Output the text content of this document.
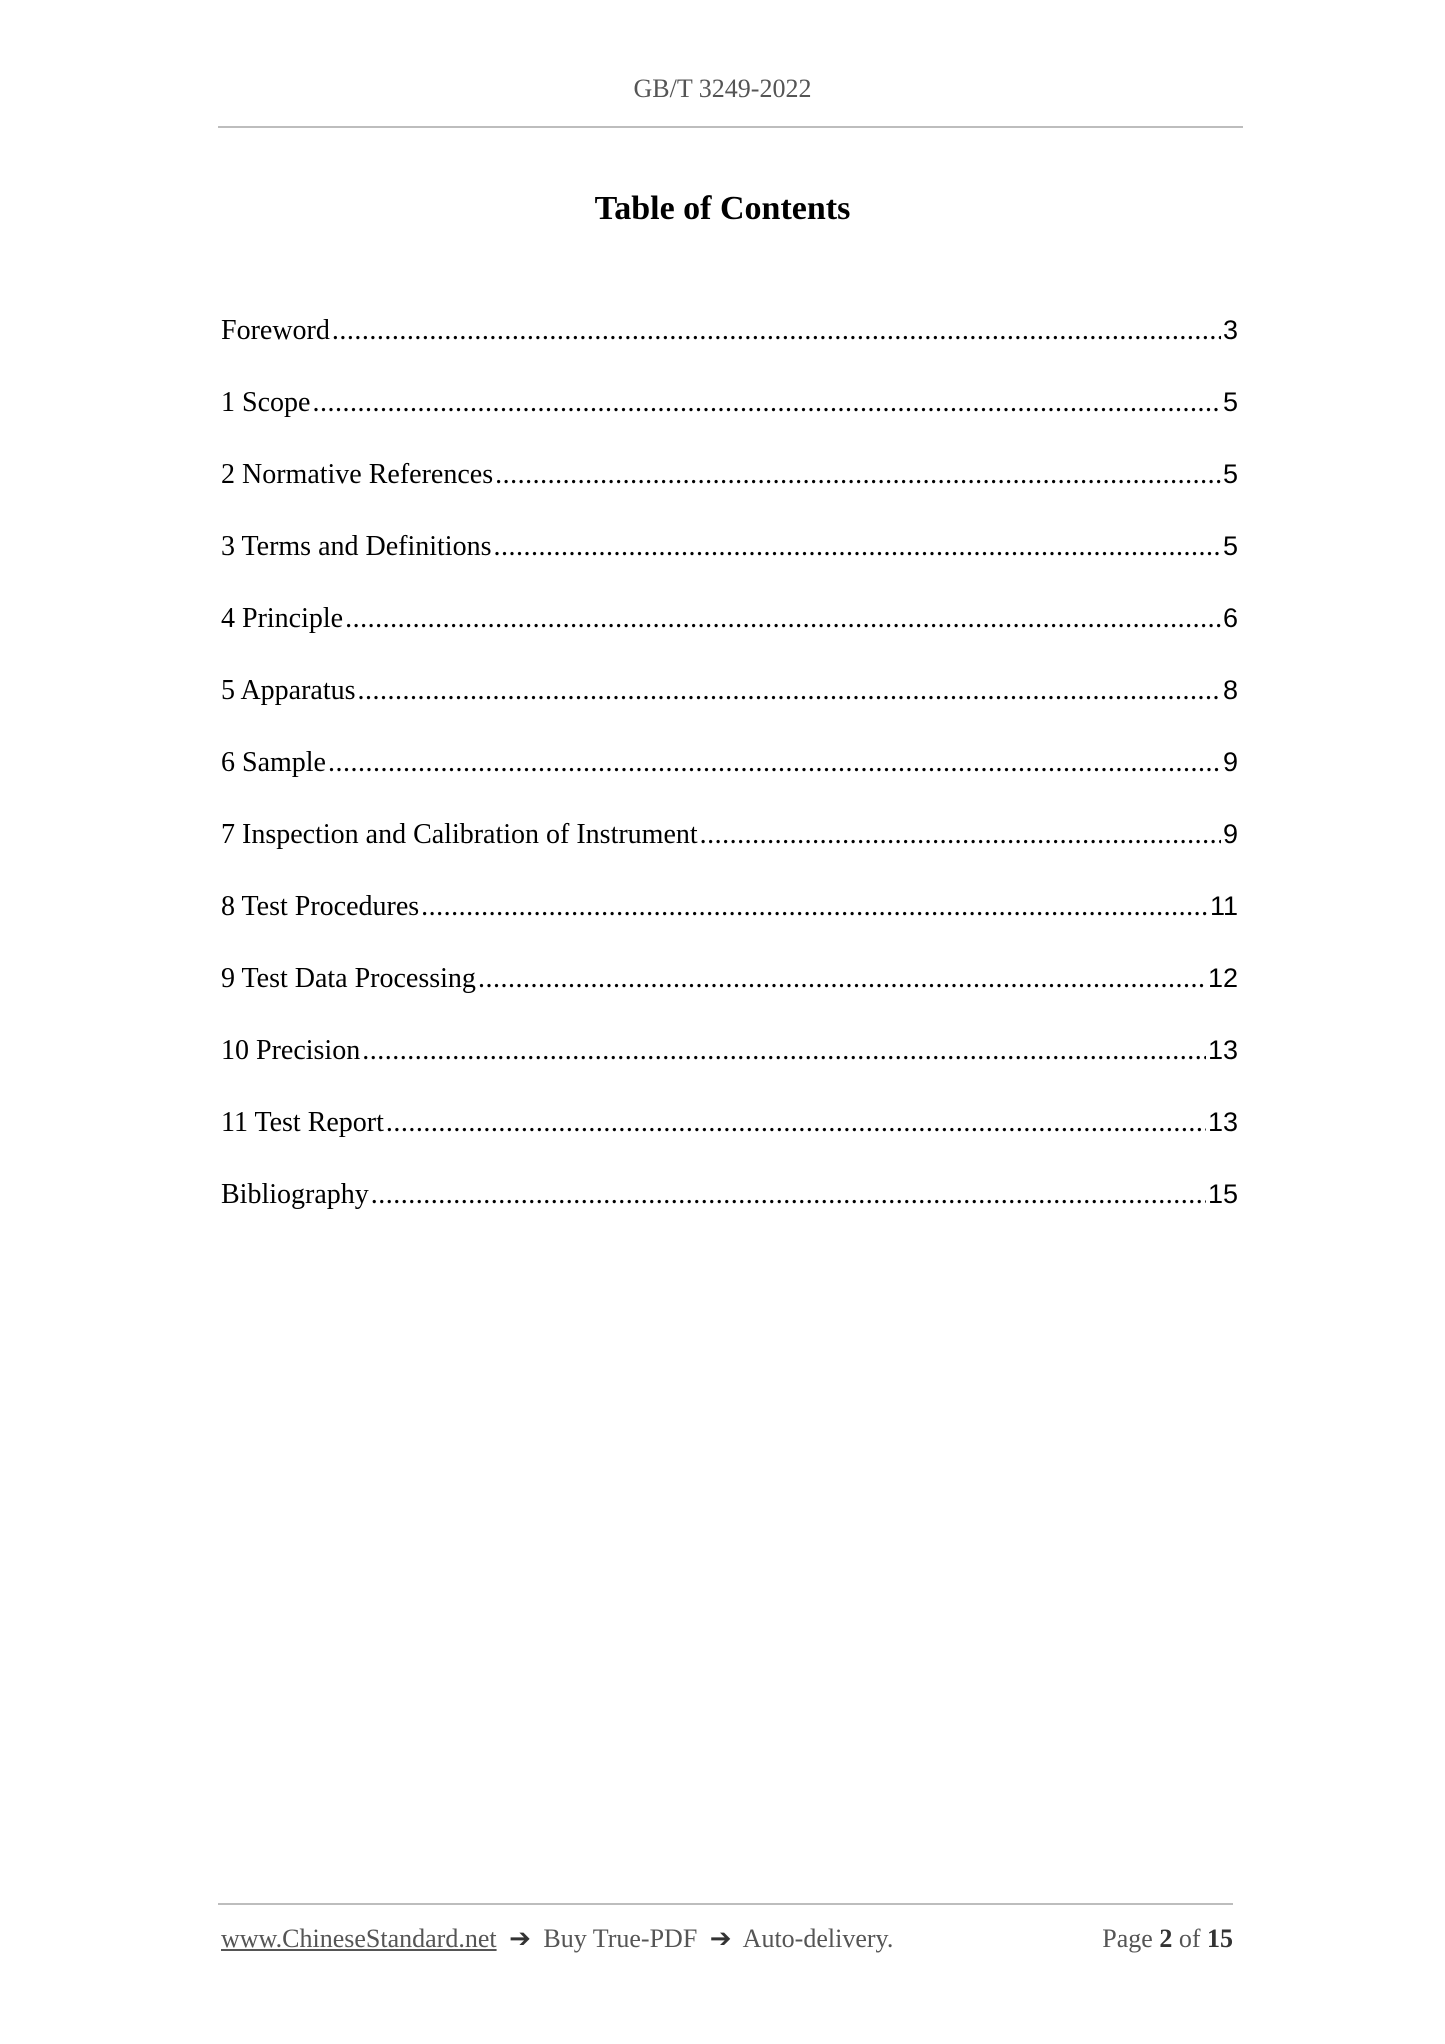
GB/T 3249-2022
Table of Contents
Foreword .....	3
1 Scope .....	5
2 Normative References .....	5
3 Terms and Definitions .....	5
4 Principle .....	6
5 Apparatus .....	8
6 Sample .....	9
7 Inspection and Calibration of Instrument .....	9
8 Test Procedures .....	11
9 Test Data Processing .....	12
10 Precision .....	13
11 Test Report .....	13
Bibliography .....	15
www.ChineseStandard.net ➔ Buy True-PDF ➔ Auto-delivery.	Page 2 of 15
